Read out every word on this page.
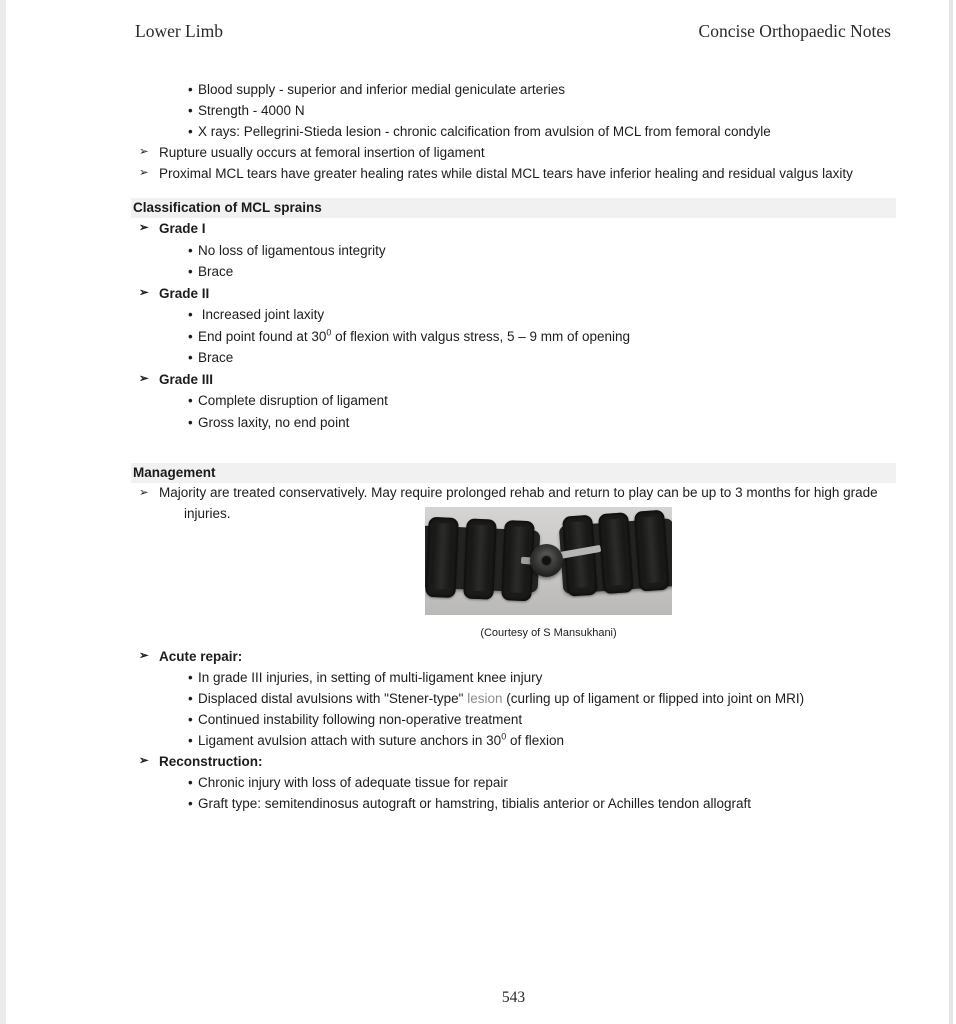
Lower Limb	Concise Orthopaedic Notes
• Blood supply - superior and inferior medial geniculate arteries
• Strength - 4000 N
• X rays: Pellegrini-Stieda lesion - chronic calcification from avulsion of MCL from femoral condyle
➢ Rupture usually occurs at femoral insertion of ligament
➢ Proximal MCL tears have greater healing rates while distal MCL tears have inferior healing and residual valgus laxity
Classification of MCL sprains
➢ Grade I
• No loss of ligamentous integrity
• Brace
➢ Grade II
• Increased joint laxity
• End point found at $30^0$ of flexion with valgus stress, 5 – 9 mm of opening
• Brace
➢ Grade III
• Complete disruption of ligament
• Gross laxity, no end point
Management
➢ Majority are treated conservatively. May require prolonged rehab and return to play can be up to 3 months for high grade injuries.
(Courtesy of S Mansukhani)
➢ Acute repair:
• In grade III injuries, in setting of multi-ligament knee injury
• Displaced distal avulsions with "Stener-type" lesion (curling up of ligament or flipped into joint on MRI)
• Continued instability following non-operative treatment
• Ligament avulsion attach with suture anchors in $30^0$ of flexion
➢ Reconstruction:
• Chronic injury with loss of adequate tissue for repair
• Graft type: semitendinosus autograft or hamstring, tibialis anterior or Achilles tendon allograft
543
